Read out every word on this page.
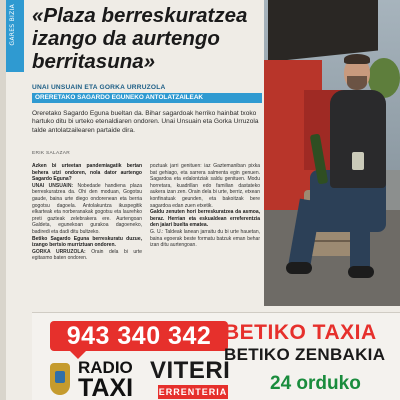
GARES BIZIA «Plaza berreskuratzea izango da aurtengo berritasuna»
UNAI UNSUAIN ETA GORKA URRUZOLA
ORERETAKO SAGARDO EGUNEKO ANTOLATZAILEAK

Oreretako Sagardo Eguna bueltan da. Bihar sagardoak herriko hainbat txoko hartuko ditu bi urteko etenaldiaren ondoren. Unai Unsuain eta Gorka Urruzola talde antolatzailearen partaide dira.

ERIK SALAZAR
Azken bi urteetan pandemiagatik bertan behera utzi ondoren, nola dator aurtengo Sagardo Eguna?
UNAI UNSUAIN: Nobedade handiena plaza berreskuratzea da. Ohi den moduan, Gogotsu gaude, baina urte diego ondorenean eta berria gogotsu dagoela. Antolakuntza ikuspegitik elkarteak eta norberanakak gogotsu eta laurehko preti gazteak zelebrakera ere. Aurtengoan Galdeta, egunekoan gurakoa dagoeneko, badiredi eta dadi ditu bultzeko.
Betiko Sagardo Eguna berreskuratu duzue, izango bertsio murriztuan ondoren.
GORKA URRUZOLA: Orain dela bi urte egitasmo baten ondoren.
poztuak jarri genituen: iaz Gaztemaniban pixka bat gehiago, eta sarrera salmenta egin genuen. Sagardoa eta edalontziak saldu genituen. Modu horretara, kuadrillan edo familian dastateko aukera izan zen. Orain dela bi urte, berriz, etxean konfinatuak geunden, eta bakoitzak bere sagardoa edan zuen etxetik.
Galdu zenuten hori berreskuratzea da asmoa, beraz. Herrian eta eskualdean erreferentzia den jaiari buelta ematea.
G. U.: Taldeak lanean jarraitu du bi urte hauetan, baina egoerak beste formatu batzuk eman behar izan ditu aurtengoan.
943 340 342
RADIO
TAXI
VITERI
ERRENTERIA
BETIKO TAXIA
BETIKO ZENBAKIA
24 orduko
